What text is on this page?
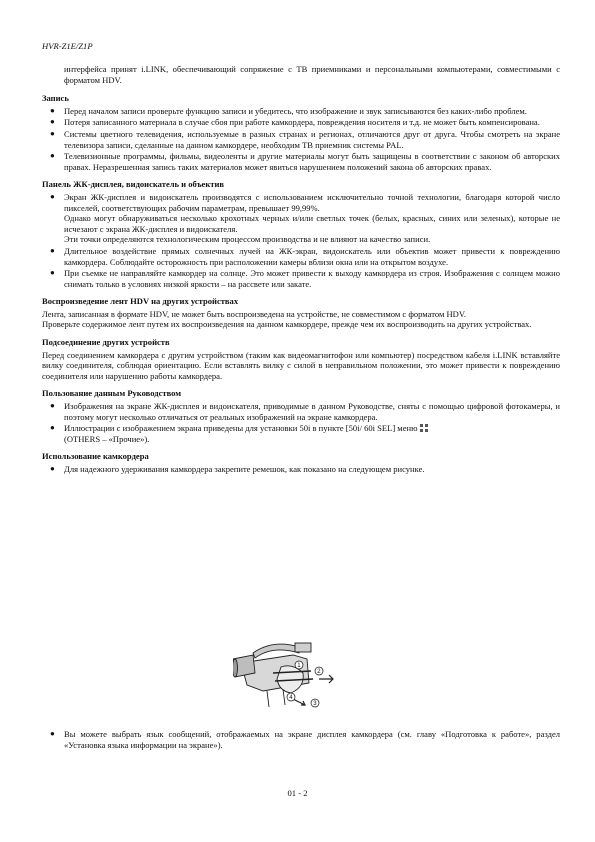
HVR-Z1E/Z1P

интерфейса принят i.LINK, обеспечивающий сопряжение с ТВ приемниками и персональными компьютерами, совместимыми с форматом HDV.

Запись
● Перед началом записи проверьте функцию записи и убедитесь, что изображение и звук записываются без каких-либо проблем.
● Потеря записанного материала в случае сбоя при работе камкордера, повреждения носителя и т.д. не может быть компенсирована.
● Системы цветного телевидения, используемые в разных странах и регионах, отличаются друг от друга. Чтобы смотреть на экране телевизора записи, сделанные на данном камкордере, необходим ТВ приемник системы PAL.
● Телевизионные программы, фильмы, видеоленты и другие материалы могут быть защищены в соответствии с законом об авторских правах. Неразрешенная запись таких материалов может явиться нарушением положений закона об авторских правах.
Панель ЖК-дисплея, видоискатель и объектив
● Экран ЖК-дисплея и видоискатель производятся с использованием исключительно точной технологии, благодаря которой число пикселей, соответствующих рабочим параметрам, превышает 99,99%.
Однако могут обнаруживаться несколько крохотных черных и/или светлых точек (белых, красных, синих или зеленых), которые не исчезают с экрана ЖК-дисплея и видоискателя.
Эти точки определяются технологическим процессом производства и не влияют на качество записи.
● Длительное воздействие прямых солнечных лучей на ЖК-экран, видоискатель или объектив может привести к повреждению камкордера. Соблюдайте осторожность при расположении камеры вблизи окна или на открытом воздухе.
● При съемке не направляйте камкордер на солнце. Это может привести к выходу камкордера из строя. Изображения с солнцем можно снимать только в условиях низкой яркости – на рассвете или закате.
Воспроизведение лент HDV на других устройствах

Лента, записанная в формате HDV, не может быть воспроизведена на устройстве, не совместимом с форматом HDV.

Проверьте содержимое лент путем их воспроизведения на данном камкордере, прежде чем их воспроизводить на других устройствах.

Подсоединение других устройств

Перед соединением камкордера с другим устройством (таким как видеомагнитофон или компьютер) посредством кабеля i.LINK вставляйте вилку соединителя, соблюдая ориентацию. Если вставлять вилку с силой в неправильном положении, это может привести к повреждению соединителя или нарушению работы камкордера.

Пользование данным Руководством
● Изображения на экране ЖК-дисплея и видоискателя, приводимые в данном Руководстве, сняты с помощью цифровой фотокамеры, и поэтому могут несколько отличаться от реальных изображений на экране камкордера.
● Иллюстрации с изображением экрана приведены для установки 50i в пункте [50i/ 60i SEL] меню
(OTHERS – «Прочие»).
Использование камкордера
● Для надежного удерживания камкордера закрепите ремешок, как показано на следующем рисунке.
1
2
4
3
● Вы можете выбрать язык сообщений, отображаемых на экране дисплея камкордера (см. главу «Подготовка к работе», раздел «Установка языка информации на экране»).
01 - 2
